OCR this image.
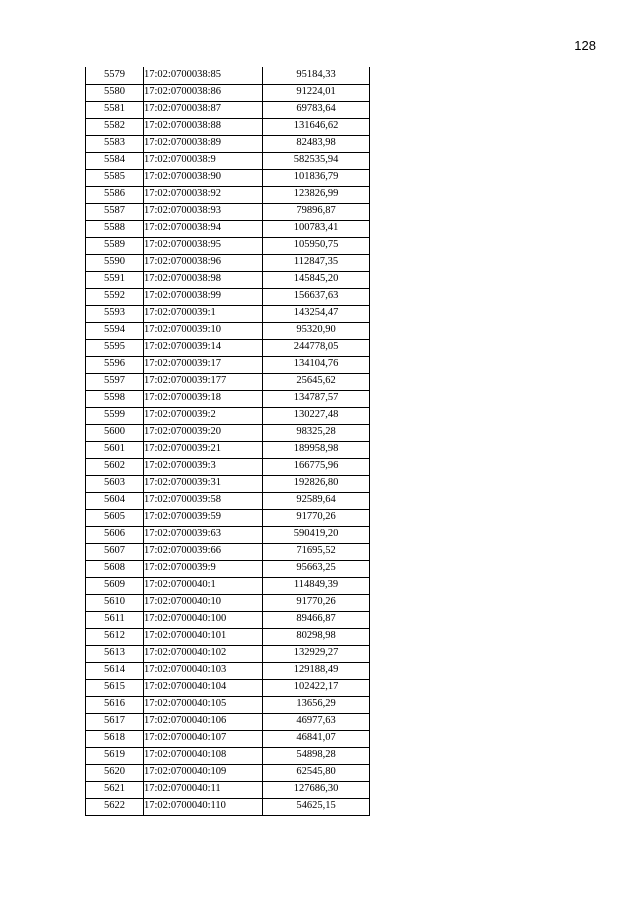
128
5579	17:02:0700038:85	95184,33
5580	17:02:0700038:86	91224,01
5581	17:02:0700038:87	69783,64
5582	17:02:0700038:88	131646,62
5583	17:02:0700038:89	82483,98
5584	17:02:0700038:9	582535,94
5585	17:02:0700038:90	101836,79
5586	17:02:0700038:92	123826,99
5587	17:02:0700038:93	79896,87
5588	17:02:0700038:94	100783,41
5589	17:02:0700038:95	105950,75
5590	17:02:0700038:96	112847,35
5591	17:02:0700038:98	145845,20
5592	17:02:0700038:99	156637,63
5593	17:02:0700039:1	143254,47
5594	17:02:0700039:10	95320,90
5595	17:02:0700039:14	244778,05
5596	17:02:0700039:17	134104,76
5597	17:02:0700039:177	25645,62
5598	17:02:0700039:18	134787,57
5599	17:02:0700039:2	130227,48
5600	17:02:0700039:20	98325,28
5601	17:02:0700039:21	189958,98
5602	17:02:0700039:3	166775,96
5603	17:02:0700039:31	192826,80
5604	17:02:0700039:58	92589,64
5605	17:02:0700039:59	91770,26
5606	17:02:0700039:63	590419,20
5607	17:02:0700039:66	71695,52
5608	17:02:0700039:9	95663,25
5609	17:02:0700040:1	114849,39
5610	17:02:0700040:10	91770,26
5611	17:02:0700040:100	89466,87
5612	17:02:0700040:101	80298,98
5613	17:02:0700040:102	132929,27
5614	17:02:0700040:103	129188,49
5615	17:02:0700040:104	102422,17
5616	17:02:0700040:105	13656,29
5617	17:02:0700040:106	46977,63
5618	17:02:0700040:107	46841,07
5619	17:02:0700040:108	54898,28
5620	17:02:0700040:109	62545,80
5621	17:02:0700040:11	127686,30
5622	17:02:0700040:110	54625,15
